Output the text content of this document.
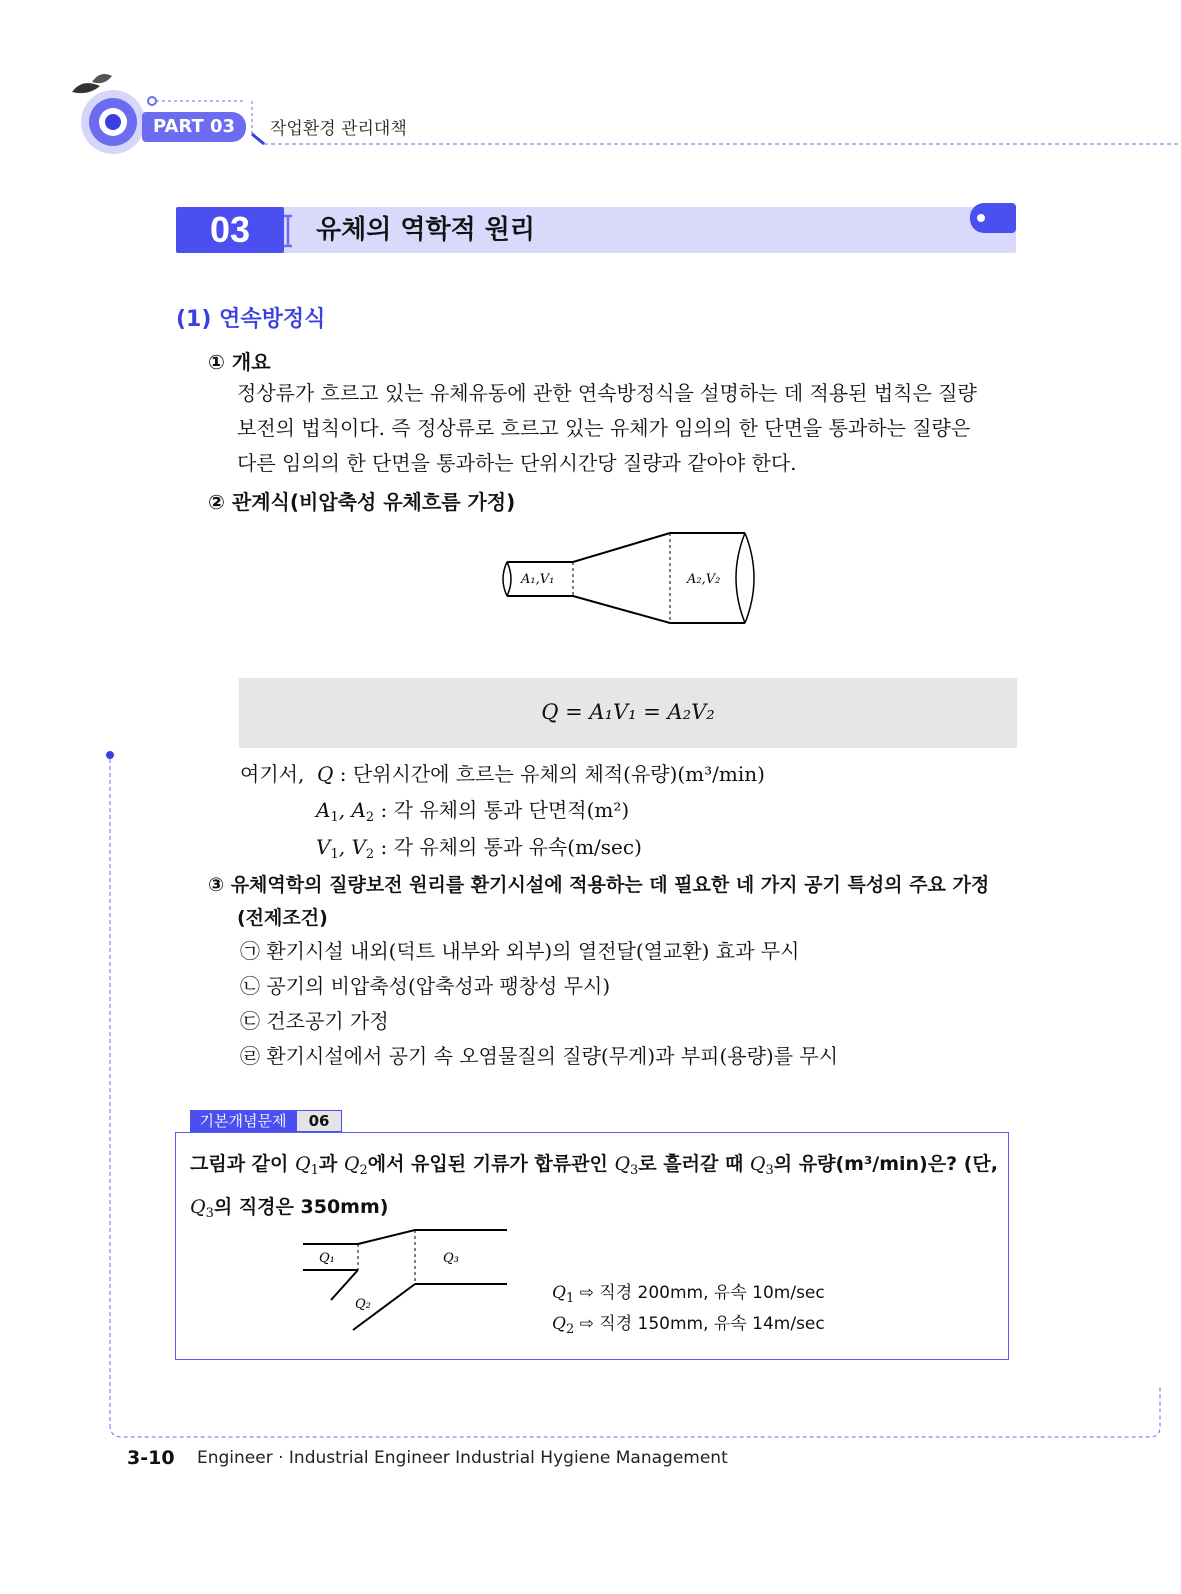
PART 03	작업환경 관리대책
03	유체의 역학적 원리
(1) 연속방정식
① 개요
정상류가 흐르고 있는 유체유동에 관한 연속방정식을 설명하는 데 적용된 법칙은 질량
보전의 법칙이다. 즉 정상류로 흐르고 있는 유체가 임의의 한 단면을 통과하는 질량은
다른 임의의 한 단면을 통과하는 단위시간당 질량과 같아야 한다.
② 관계식(비압축성 유체흐름 가정)
A₁,V₁	A₂,V₂
Q = A₁V₁ = A₂V₂
여기서,  Q : 단위시간에 흐르는 유체의 체적(유량)(m³/min)
$A_1$, $A_2$ : 각 유체의 통과 단면적(m²)
$V_1$, $V_2$ : 각 유체의 통과 유속(m/sec)
③ 유체역학의 질량보전 원리를 환기시설에 적용하는 데 필요한 네 가지 공기 특성의 주요 가정
(전제조건)
㉠ 환기시설 내외(덕트 내부와 외부)의 열전달(열교환) 효과 무시
㉡ 공기의 비압축성(압축성과 팽창성 무시)
㉢ 건조공기 가정
㉣ 환기시설에서 공기 속 오염물질의 질량(무게)과 부피(용량)를 무시
기본개념문제	06
그림과 같이 $Q_1$과 $Q_2$에서 유입된 기류가 합류관인 $Q_3$로 흘러갈 때 $Q_3$의 유량(m³/min)은? (단,
$Q_3$의 직경은 350mm)
Q₁	Q₃
Q₂
$Q_1$ ⇨ 직경 200mm, 유속 10m/sec
$Q_2$ ⇨ 직경 150mm, 유속 14m/sec
3-10 Engineer · Industrial Engineer Industrial Hygiene Management
